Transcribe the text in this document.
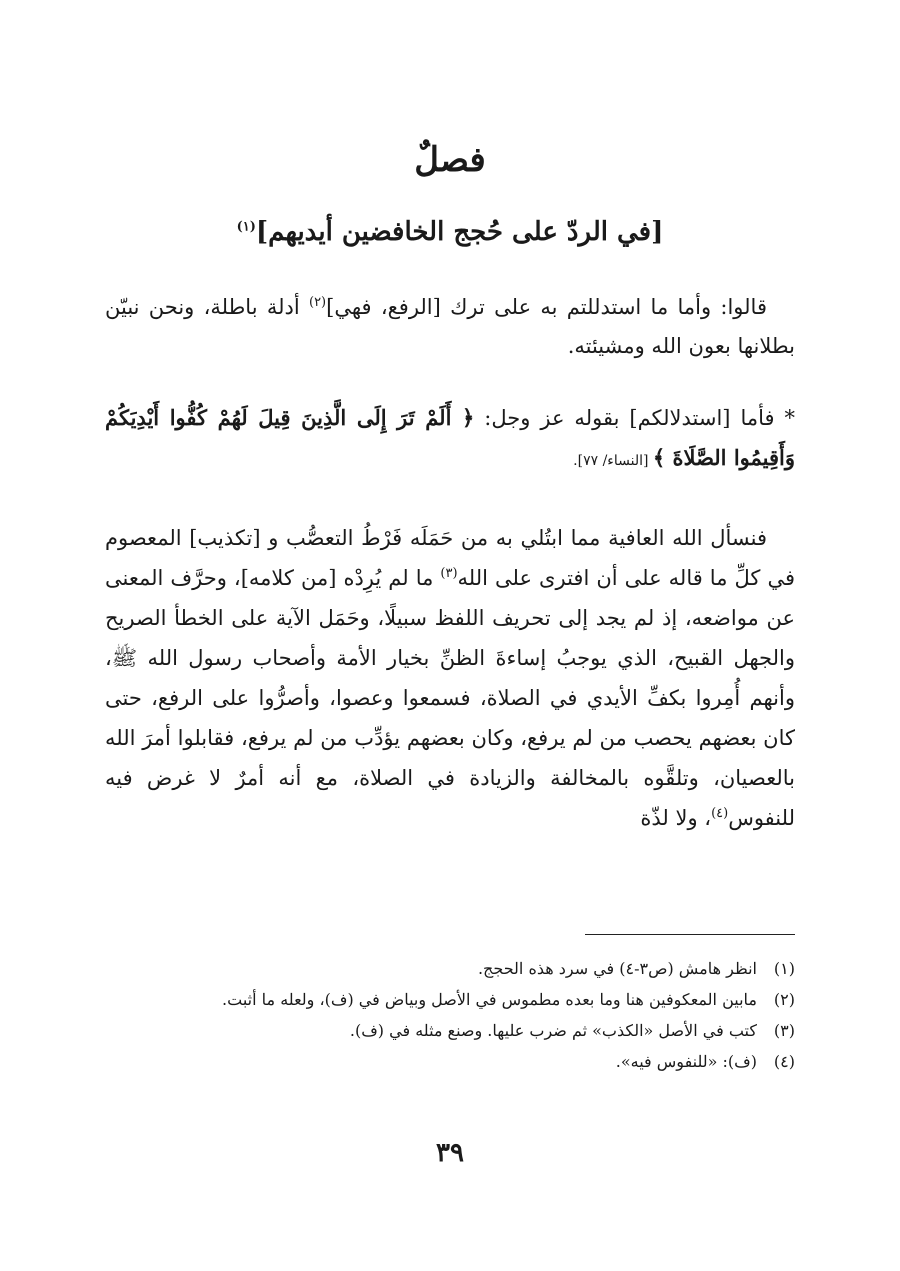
فصلٌ
[في الردّ على حُجج الخافضين أيديهم]$^{(١)}$
قالوا: وأما ما استدللتم به على ترك [الرفع، فهي]$^{(٢)}$ أدلة باطلة، ونحن نبيّن بطلانها بعون الله ومشيئته.
* فأما [استدلالكم] بقوله عز وجل: ﴿ أَلَمْ تَرَ إِلَى الَّذِينَ قِيلَ لَهُمْ كُفُّوا أَيْدِيَكُمْ وَأَقِيمُوا الصَّلَاةَ ﴾ [النساء/ ٧٧].
فنسأل الله العافية مما ابتُلي به من حَمَلَه فَرْطُ التعصُّب و [تكذيب] المعصوم في كلِّ ما قاله على أن افترى على الله$^{(٣)}$ ما لم يُرِدْه [من كلامه]، وحرَّف المعنى عن مواضعه، إذ لم يجد إلى تحريف اللفظ سبيلًا، وحَمَل الآية على الخطأ الصريح والجهل القبيح، الذي يوجبُ إساءةَ الظنِّ بخيار الأمة وأصحاب رسول الله ﷺ، وأنهم أُمِروا بكفِّ الأيدي في الصلاة، فسمعوا وعصوا، وأصرُّوا على الرفع، حتى كان بعضهم يحصب من لم يرفع، وكان بعضهم يؤدِّب من لم يرفع، فقابلوا أمرَ الله بالعصيان، وتلقَّوه بالمخالفة والزيادة في الصلاة، مع أنه أمرٌ لا غرض فيه للنفوس$^{(٤)}$، ولا لذّة
(١)انظر هامش (ص٣-٤) في سرد هذه الحجج.
(٢)مابين المعكوفين هنا وما بعده مطموس في الأصل وبياض في (ف)، ولعله ما أثبت.
(٣)كتب في الأصل «الكذب» ثم ضرب عليها. وصنع مثله في (ف).
(٤)(ف): «للنفوس فيه».
٣٩
